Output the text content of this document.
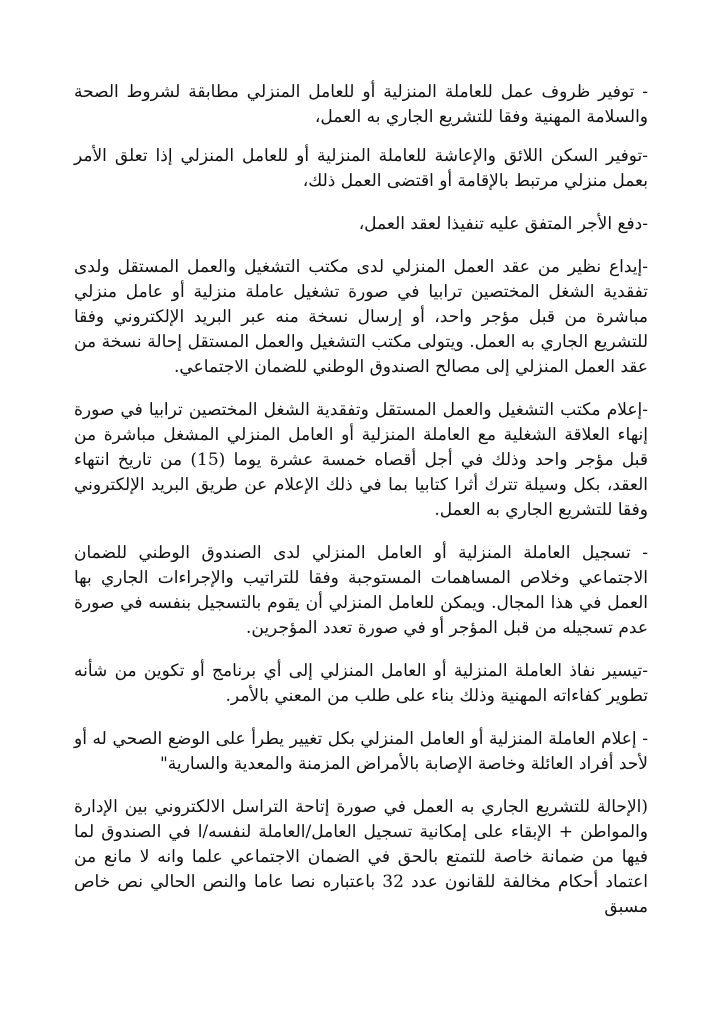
- توفير ظروف عمل للعاملة المنزلية أو للعامل المنزلي مطابقة لشروط الصحة والسلامة المهنية وفقا للتشريع الجاري به العمل،

-توفير السكن اللائق والإعاشة للعاملة المنزلية أو للعامل المنزلي إذا تعلق الأمر بعمل منزلي مرتبط بالإقامة أو اقتضى العمل ذلك،

-دفع الأجر المتفق عليه تنفيذا لعقد العمل،

-إيداع نظير من عقد العمل المنزلي لدى مكتب التشغيل والعمل المستقل ولدى تفقدية الشغل المختصين ترابيا في صورة تشغيل عاملة منزلية أو عامل منزلي مباشرة من قبل مؤجر واحد، أو إرسال نسخة منه عبر البريد الإلكتروني وفقا للتشريع الجاري به العمل. ويتولى مكتب التشغيل والعمل المستقل إحالة نسخة من عقد العمل المنزلي إلى مصالح الصندوق الوطني للضمان الاجتماعي.

-إعلام مكتب التشغيل والعمل المستقل وتفقدية الشغل المختصين ترابيا في صورة إنهاء العلاقة الشغلية مع العاملة المنزلية أو العامل المنزلي المشغل مباشرة من قبل مؤجر واحد وذلك في أجل أقصاه خمسة عشرة يوما (15) من تاريخ انتهاء العقد، بكل وسيلة تترك أثرا كتابيا بما في ذلك الإعلام عن طريق البريد الإلكتروني وفقا للتشريع الجاري به العمل.

- تسجيل العاملة المنزلية أو العامل المنزلي لدى الصندوق الوطني للضمان الاجتماعي وخلاص المساهمات المستوجبة وفقا للتراتيب والإجراءات الجاري بها العمل في هذا المجال. ويمكن للعامل المنزلي أن يقوم بالتسجيل بنفسه في صورة عدم تسجيله من قبل المؤجر أو في صورة تعدد المؤجرين.

-تيسير نفاذ العاملة المنزلية أو العامل المنزلي إلى أي برنامج أو تكوين من شأنه تطوير كفاءاته المهنية وذلك بناء على طلب من المعني بالأمر.

- إعلام العاملة المنزلية أو العامل المنزلي بكل تغيير يطرأ على الوضع الصحي له أو لأحد أفراد العائلة وخاصة الإصابة بالأمراض المزمنة والمعدية والسارية"

(الإحالة للتشريع الجاري به العمل في صورة إتاحة التراسل الالكتروني بين الإدارة والمواطن + الإبقاء على إمكانية تسجيل العامل/العاملة لنفسه/ا في الصندوق لما فيها من ضمانة خاصة للتمتع بالحق في الضمان الاجتماعي علما وانه لا مانع من اعتماد أحكام مخالفة للقانون عدد 32 باعتباره نصا عاما والنص الحالي نص خاص مسبق
